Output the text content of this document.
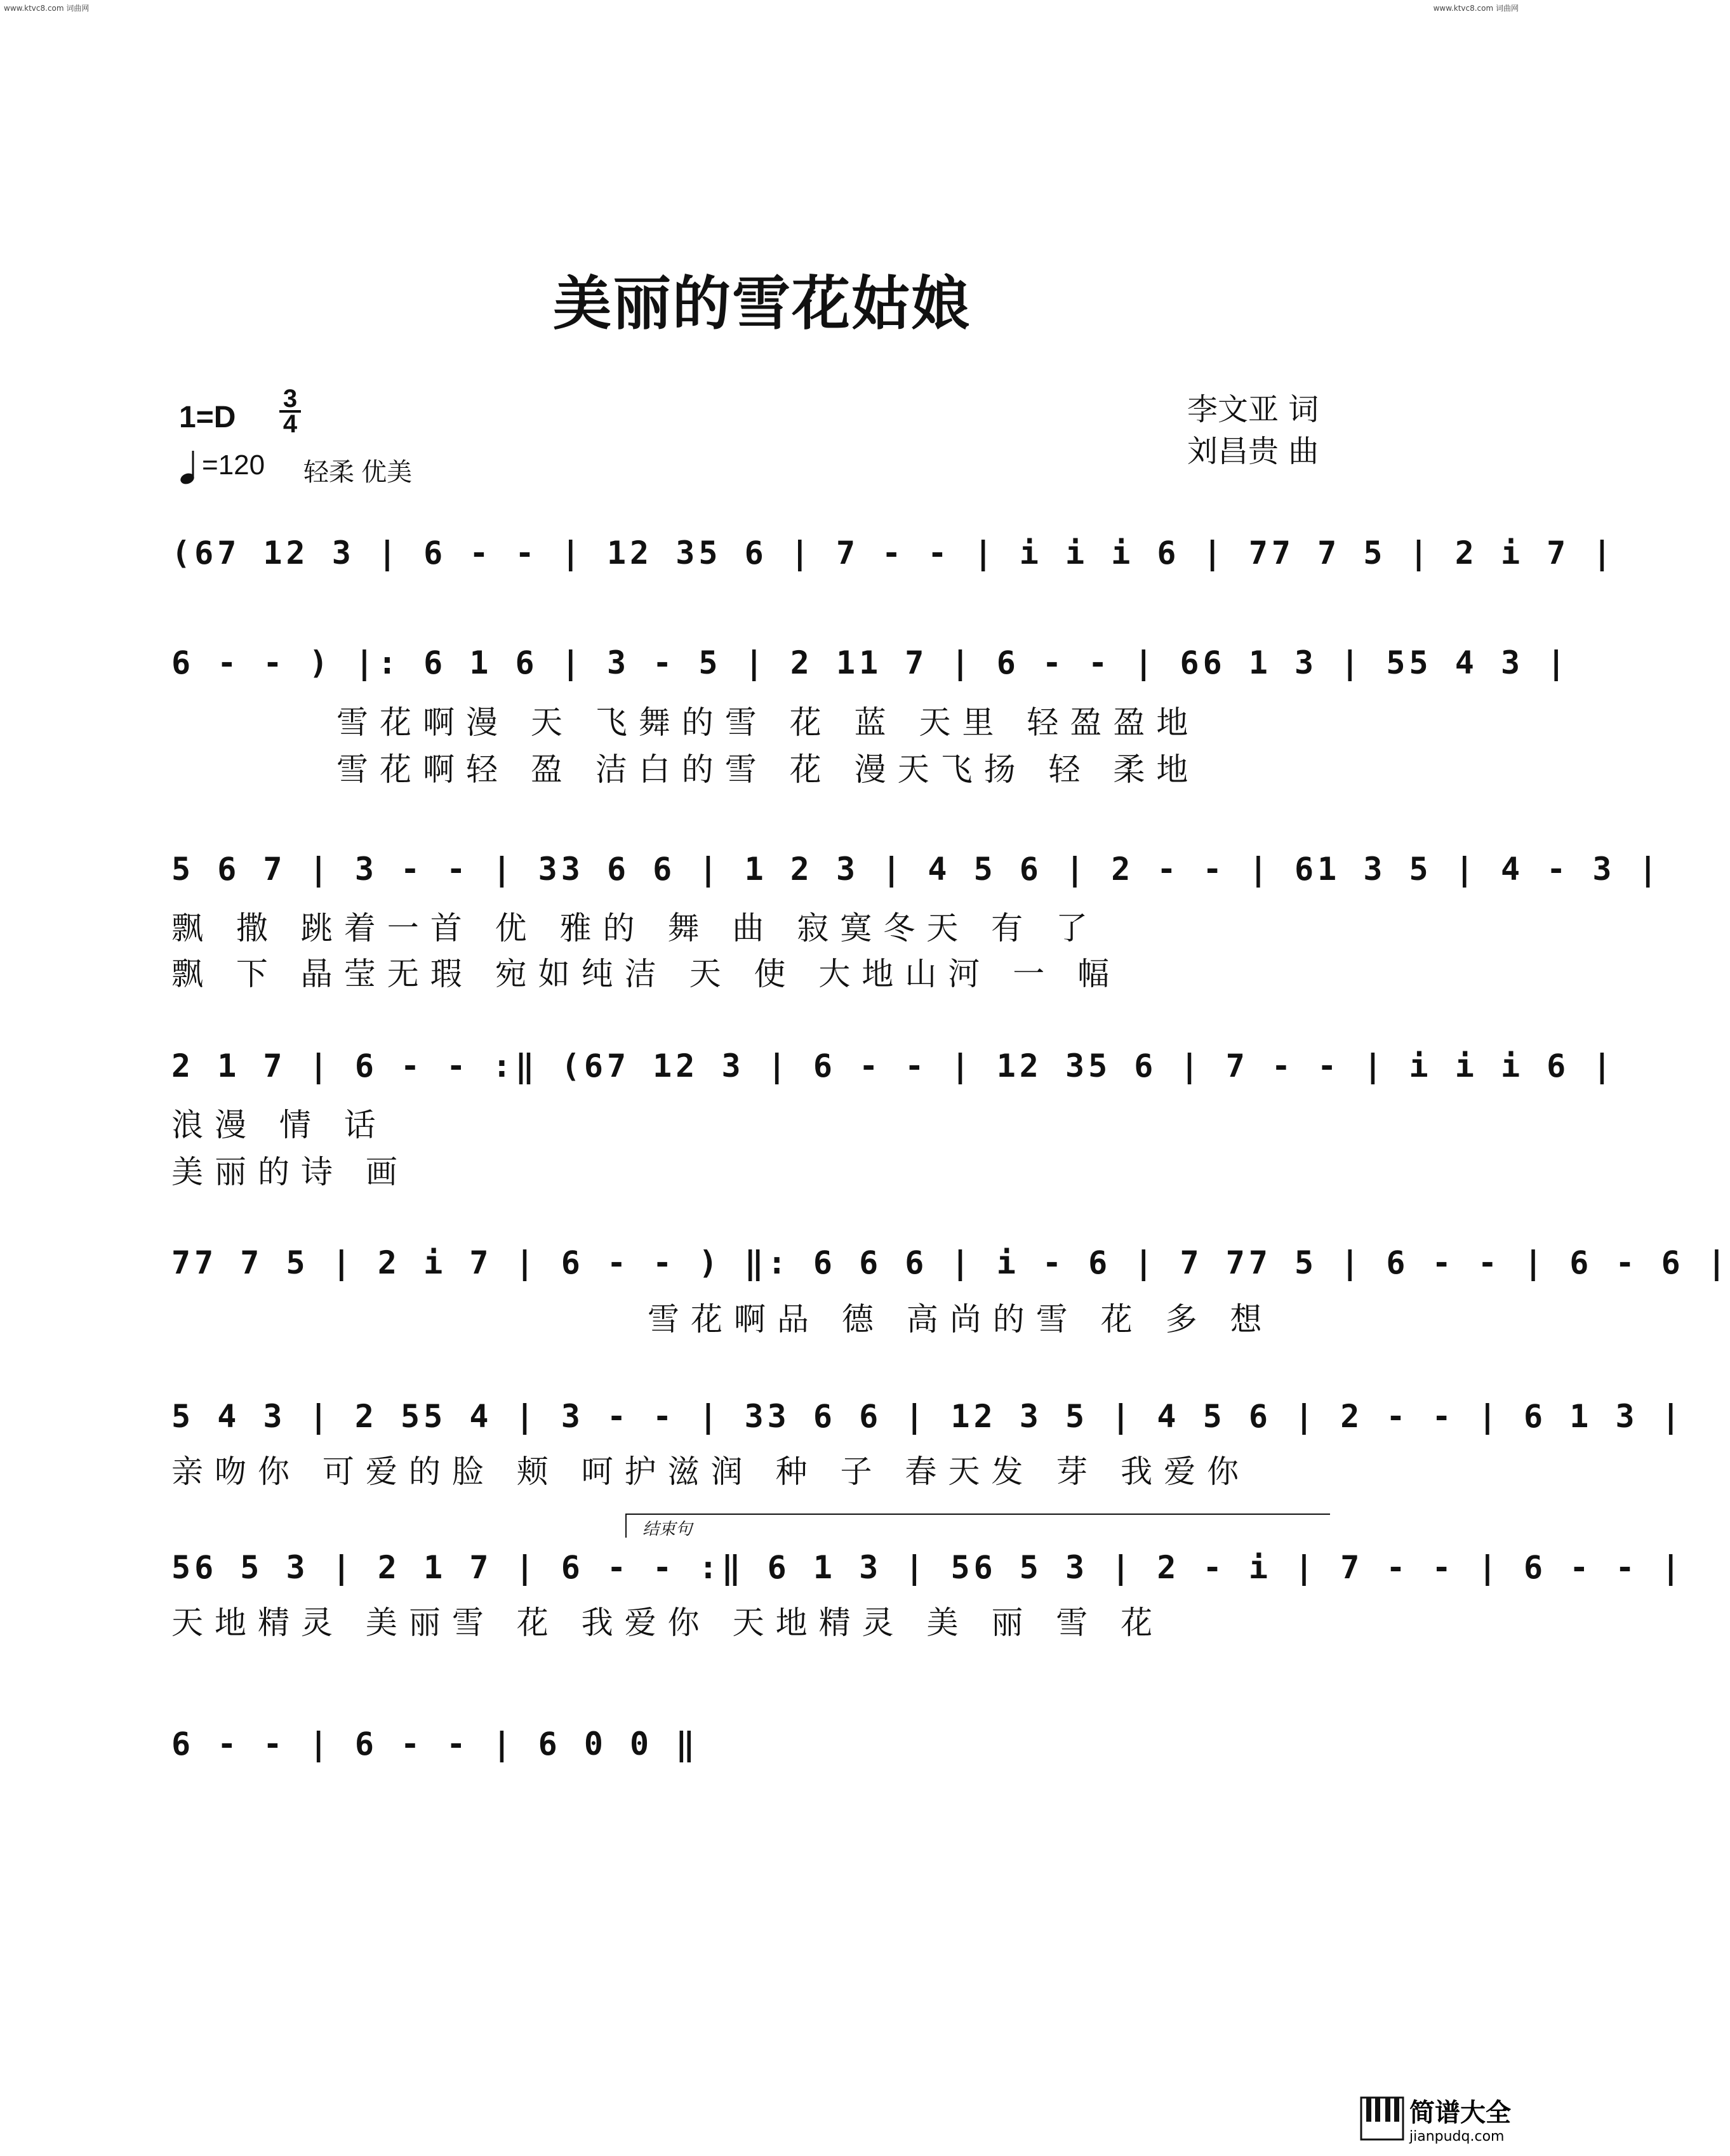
www.ktvc8.com 词曲网	www.ktvc8.com 词曲网
美丽的雪花姑娘
1=D
3
4
=120 轻柔 优美
李文亚 词
刘昌贵 曲
(67 12 3 | 6 - - | 12 35 6 | 7 - - | i i i 6 | 77 7 5 | 2 i 7 |
6 - - ) |: 6 1 6 | 3 - 5 | 2 11 7 | 6 - - | 66 1 3 | 55 4 3 |
雪花啊漫 天 飞舞的雪 花 蓝 天里 轻盈盈地
雪花啊轻 盈 洁白的雪 花 漫天飞扬 轻 柔地
5 6 7 | 3 - - | 33 6 6 | 1 2 3 | 4 5 6 | 2 - - | 61 3 5 | 4 - 3 |
飘 撒 跳着一首 优 雅的 舞 曲 寂寞冬天 有 了
飘 下 晶莹无瑕 宛如纯洁 天 使 大地山河 一 幅
2 1 7 | 6 - - :‖ (67 12 3 | 6 - - | 12 35 6 | 7 - - | i i i 6 |
浪漫 情 话
美丽的诗 画
77 7 5 | 2 i 7 | 6 - - ) ‖: 6 6 6 | i - 6 | 7 77 5 | 6 - - | 6 - 6 |
雪花啊品 德 高尚的雪 花 多 想
5 4 3 | 2 55 4 | 3 - - | 33 6 6 | 12 3 5 | 4 5 6 | 2 - - | 6 1 3 |
亲吻你 可爱的脸 颊 呵护滋润 种 子 春天发 芽 我爱你
结束句
56 5 3 | 2 1 7 | 6 - - :‖ 6 1 3 | 56 5 3 | 2 - i | 7 - - | 6 - - |
天地精灵 美丽雪 花 我爱你 天地精灵 美 丽 雪 花
6 - - | 6 - - | 6 0 0 ‖
简谱大全
jianpudq.com
